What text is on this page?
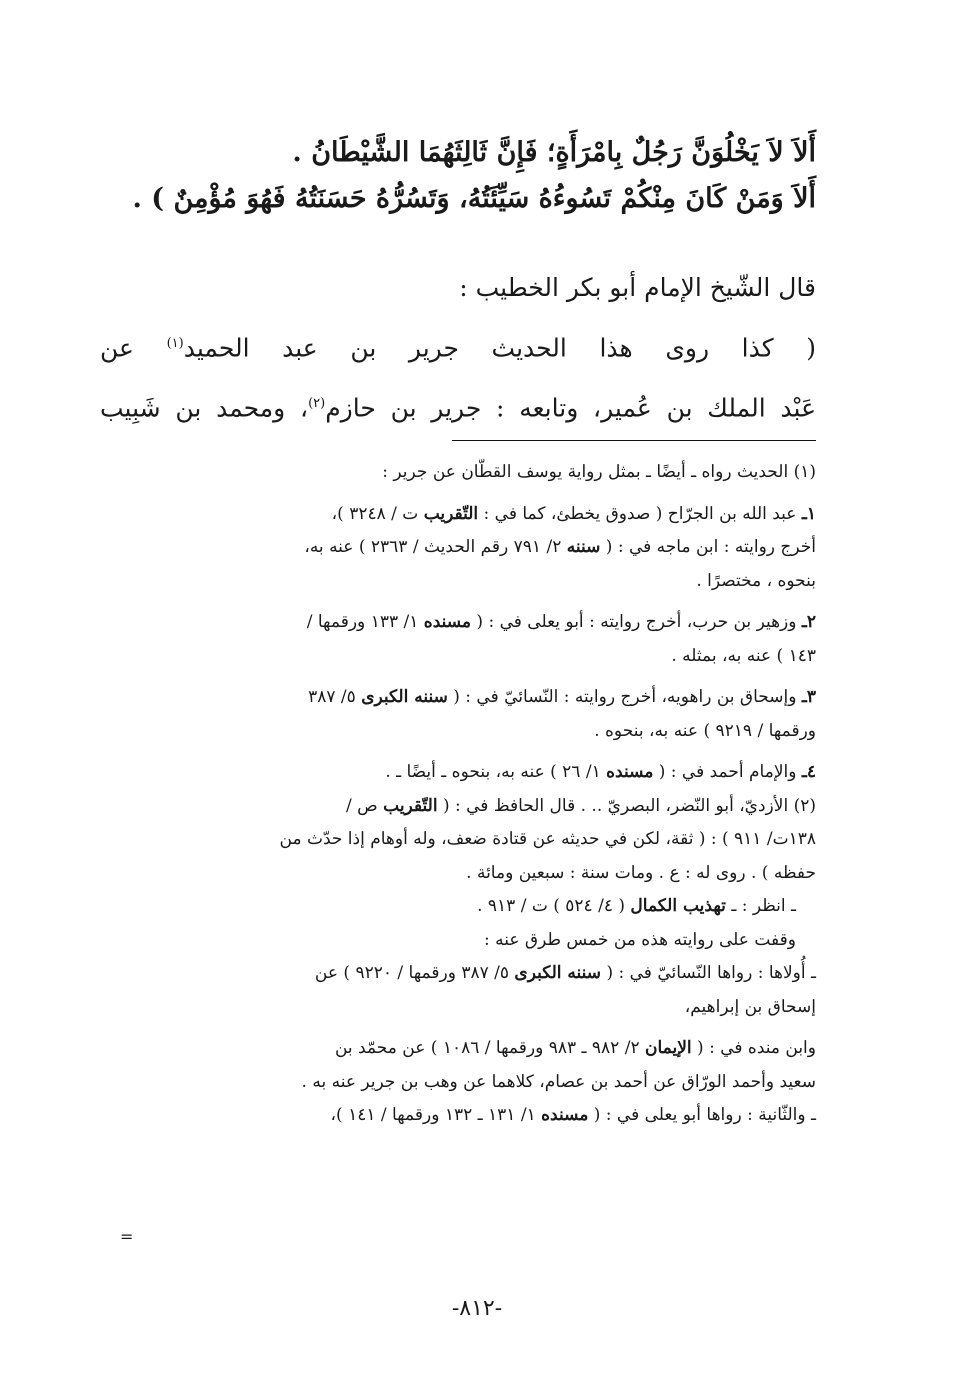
أَلاَ لاَ يَخْلُوَنَّ رَجُلٌ بِامْرَأَةٍ؛ فَإِنَّ ثَالِثَهُمَا الشَّيْطَانُ .

أَلاَ وَمَنْ كَانَ مِنْكُمْ تَسُوءُهُ سَيِّئَتُهُ، وَتَسُرُّهُ حَسَنَتُهُ فَهُوَ مُؤْمِنٌ ) .

قال الشّيخ الإمام أبو بكر الخطيب :

( كذا روى هذا الحديث جرير بن عبد الحميد$^{(١)}$ عن

عَبْد الملك بن عُمير، وتابعه : جرير بن حازم$^{(٢)}$، ومحمد بن شَبِيب

(١) الحديث رواه ـ أيضًا ـ بمثل رواية يوسف القطّان عن جرير :

١ـ عبد الله بن الجرّاح ( صدوق يخطئ، كما في : التّقريب ت / ٣٢٤٨ )،

أخرج روايته : ابن ماجه في : ( سننه ٢/ ٧٩١ رقم الحديث / ٢٣٦٣ ) عنه به،

بنحوه ، مختصرًا .

٢ـ وزهير بن حرب، أخرج روايته : أبو يعلى في : ( مسنده ١/ ١٣٣ ورقمها /

١٤٣ ) عنه به، بمثله .

٣ـ وإسحاق بن راهويه، أخرج روايته : النّسائيّ في : ( سننه الكبرى ٥/ ٣٨٧

ورقمها / ٩٢١٩ ) عنه به، بنحوه .

٤ـ والإمام أحمد في : ( مسنده ١/ ٢٦ ) عنه به، بنحوه ـ أيضًا ـ .

(٢) الأزديّ، أبو النّضر، البصريّ .. . قال الحافظ في : ( التّقريب ص /

١٣٨ت/ ٩١١ ) : ( ثقة، لكن في حديثه عن قتادة ضعف، وله أوهام إذا حدّث من

حفظه ) . روى له : ع . ومات سنة : سبعين ومائة .

ـ انظر : ـ تهذيب الكمال ( ٤/ ٥٢٤ ) ت / ٩١٣ .

وقفت على روايته هذه من خمس طرق عنه :

ـ أُولاها : رواها النّسائيّ في : ( سننه الكبرى ٥/ ٣٨٧ ورقمها / ٩٢٢٠ ) عن

إسحاق بن إبراهيم،

وابن منده في : ( الإيمان ٢/ ٩٨٢ ـ ٩٨٣ ورقمها / ١٠٨٦ ) عن محمّد بن

سعيد وأحمد الورّاق عن أحمد بن عصام، كلاهما عن وهب بن جرير عنه به .

ـ والثّانية : رواها أبو يعلى في : ( مسنده ١/ ١٣١ ـ ١٣٢ ورقمها / ١٤١ )،

=
-٨١٢-
